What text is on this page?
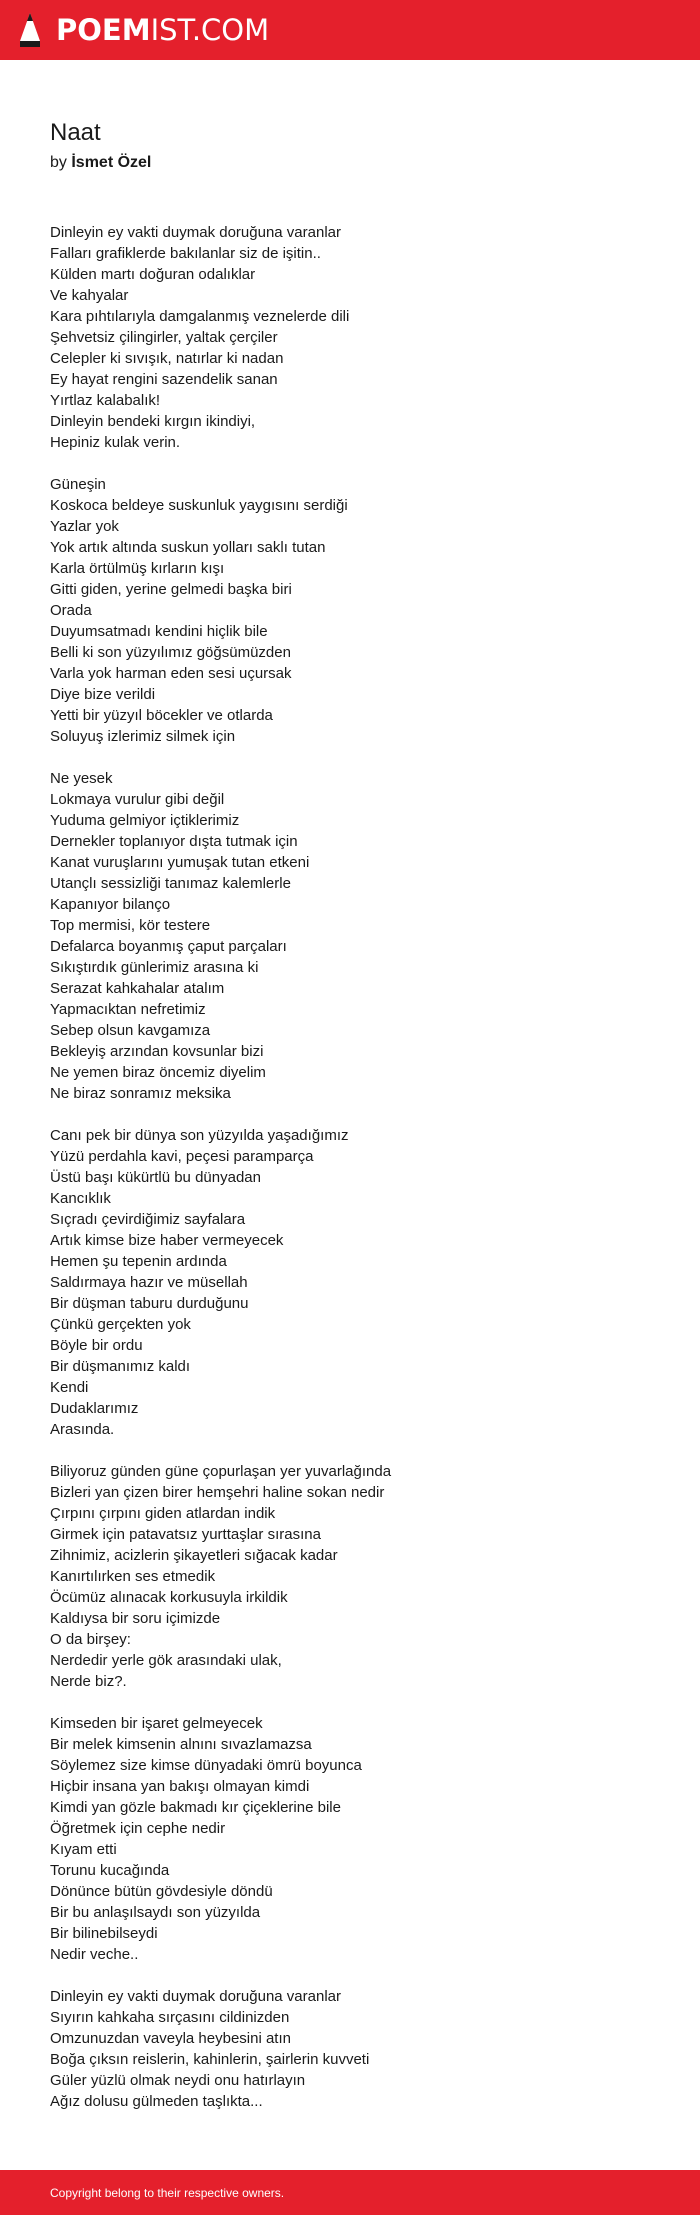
POEMIST.COM
Naat
by İsmet Özel
Dinleyin ey vakti duymak doruğuna varanlar
Falları grafiklerde bakılanlar siz de işitin..
Külden martı doğuran odalıklar
Ve kahyalar
Kara pıhtılarıyla damgalanmış veznelerde dili
Şehvetsiz çilingirler, yaltak çerçiler
Celepler ki sıvışık, natırlar ki nadan
Ey hayat rengini sazendelik sanan
Yırtlaz kalabalık!
Dinleyin bendeki kırgın ikindiyi,
Hepiniz kulak verin.
Güneşin
Koskoca beldeye suskunluk yaygısını serdiği
Yazlar yok
Yok artık altında suskun yolları saklı tutan
Karla örtülmüş kırların kışı
Gitti giden, yerine gelmedi başka biri
Orada
Duyumsatmadı kendini hiçlik bile
Belli ki son yüzyılımız göğsümüzden
Varla yok harman eden sesi uçursak
Diye bize verildi
Yetti bir yüzyıl böcekler ve otlarda
Soluyuş izlerimiz silmek için
Ne yesek
Lokmaya vurulur gibi değil
Yuduma gelmiyor içtiklerimiz
Dernekler toplanıyor dışta tutmak için
Kanat vuruşlarını yumuşak tutan etkeni
Utançlı sessizliği tanımaz kalemlerle
Kapanıyor bilanço
Top mermisi, kör testere
Defalarca boyanmış çaput parçaları
Sıkıştırdık günlerimiz arasına ki
Serazat kahkahalar atalım
Yapmacıktan nefretimiz
Sebep olsun kavgamıza
Bekleyiş arzından kovsunlar bizi
Ne yemen biraz öncemiz diyelim
Ne biraz sonramız meksika
Canı pek bir dünya son yüzyılda yaşadığımız
Yüzü perdahla kavi, peçesi paramparça
Üstü başı kükürtlü bu dünyadan
Kancıklık
Sıçradı çevirdiğimiz sayfalara
Artık kimse bize haber vermeyecek
Hemen şu tepenin ardında
Saldırmaya hazır ve müsellah
Bir düşman taburu durduğunu
Çünkü gerçekten yok
Böyle bir ordu
Bir düşmanımız kaldı
Kendi
Dudaklarımız
Arasında.
Biliyoruz günden güne çopurlaşan yer yuvarlağında
Bizleri yan çizen birer hemşehri haline sokan nedir
Çırpını çırpını giden atlardan indik
Girmek için patavatsız yurttaşlar sırasına
Zihnimiz, acizlerin şikayetleri sığacak kadar
Kanırtılırken ses etmedik
Öcümüz alınacak korkusuyla irkildik
Kaldıysa bir soru içimizde
O da birşey:
Nerdedir yerle gök arasındaki ulak,
Nerde biz?.
Kimseden bir işaret gelmeyecek
Bir melek kimsenin alnını sıvazlamazsa
Söylemez size kimse dünyadaki ömrü boyunca
Hiçbir insana yan bakışı olmayan kimdi
Kimdi yan gözle bakmadı kır çiçeklerine bile
Öğretmek için cephe nedir
Kıyam etti
Torunu kucağında
Dönünce bütün gövdesiyle döndü
Bir bu anlaşılsaydı son yüzyılda
Bir bilinebilseydi
Nedir veche..
Dinleyin ey vakti duymak doruğuna varanlar
Sıyırın kahkaha sırçasını cildinizden
Omzunuzdan vaveyla heybesini atın
Boğa çıksın reislerin, kahinlerin, şairlerin kuvveti
Güler yüzlü olmak neydi onu hatırlayın
Ağız dolusu gülmeden taşlıkta...
Copyright belong to their respective owners.
